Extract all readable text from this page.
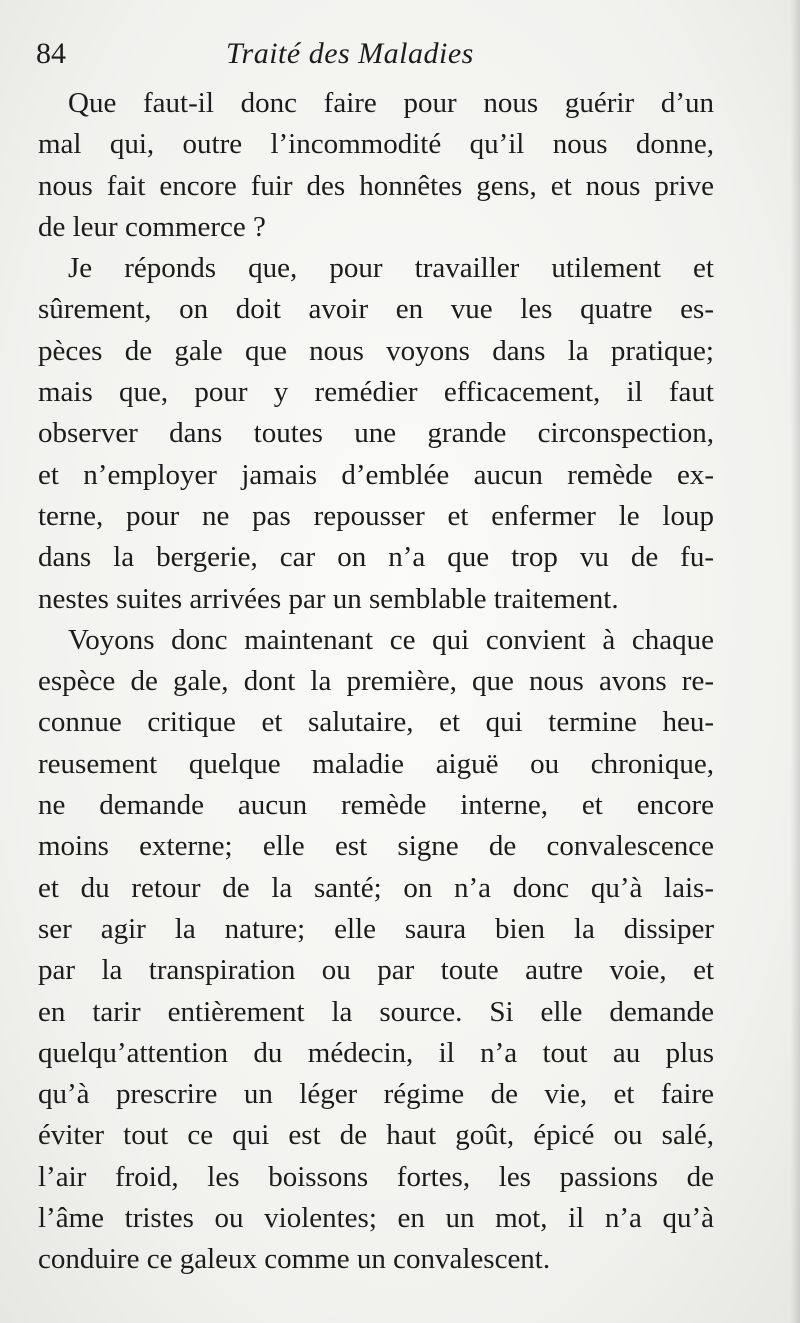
84	Traité des Maladies
Que faut-il donc faire pour nous guérir d’un
mal qui, outre l’incommodité qu’il nous donne,
nous fait encore fuir des honnêtes gens, et nous prive
de leur commerce ?
Je réponds que, pour travailler utilement et
sûrement, on doit avoir en vue les quatre es-
pèces de gale que nous voyons dans la pratique;
mais que, pour y remédier efficacement, il faut
observer dans toutes une grande circonspection,
et n’employer jamais d’emblée aucun remède ex-
terne, pour ne pas repousser et enfermer le loup
dans la bergerie, car on n’a que trop vu de fu-
nestes suites arrivées par un semblable traitement.
Voyons donc maintenant ce qui convient à chaque
espèce de gale, dont la première, que nous avons re-
connue critique et salutaire, et qui termine heu-
reusement quelque maladie aiguë ou chronique,
ne demande aucun remède interne, et encore
moins externe; elle est signe de convalescence
et du retour de la santé; on n’a donc qu’à lais-
ser agir la nature; elle saura bien la dissiper
par la transpiration ou par toute autre voie, et
en tarir entièrement la source. Si elle demande
quelqu’attention du médecin, il n’a tout au plus
qu’à prescrire un léger régime de vie, et faire
éviter tout ce qui est de haut goût, épicé ou salé,
l’air froid, les boissons fortes, les passions de
l’âme tristes ou violentes; en un mot, il n’a qu’à
conduire ce galeux comme un convalescent.
